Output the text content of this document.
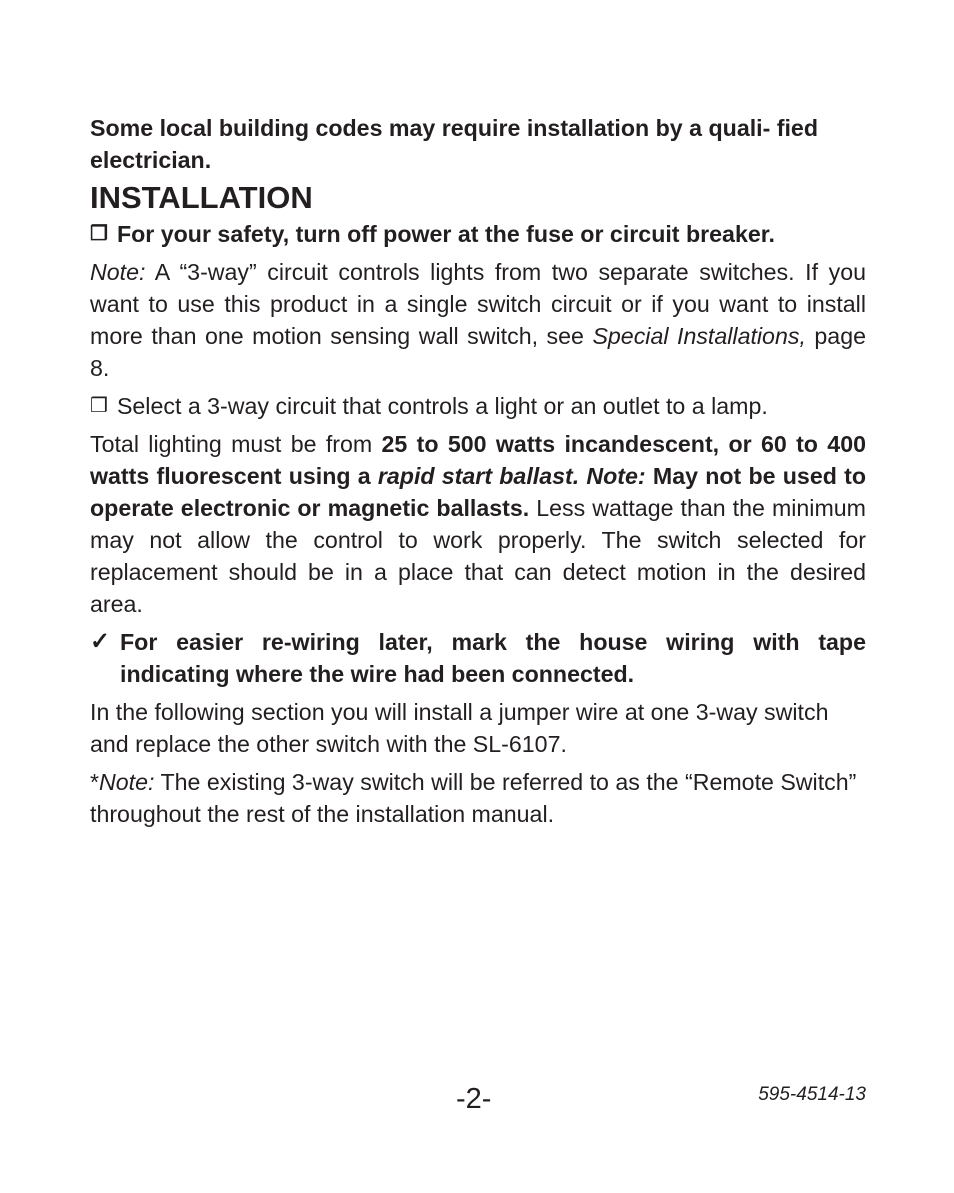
Some local building codes may require installation by a quali- fied electrician.

INSTALLATION
❒ For your safety, turn off power at the fuse or circuit breaker.

Note: A “3-way” circuit controls lights from two separate switches. If you want to use this product in a single switch circuit or if you want to install more than one motion sensing wall switch, see Special Installations, page 8.

❒ Select a 3-way circuit that controls a light or an outlet to a lamp.

Total lighting must be from 25 to 500 watts incandescent, or 60 to 400 watts fluorescent using a rapid start ballast. Note: May not be used to operate electronic or magnetic ballasts. Less wattage than the minimum may not allow the control to work properly. The switch selected for replacement should be in a place that can detect motion in the desired area.

✓ For easier re-wiring later, mark the house wiring with tape indicating where the wire had been connected.

In the following section you will install a jumper wire at one 3-way switch and replace the other switch with the SL-6107.

*Note: The existing 3-way switch will be referred to as the “Remote Switch” throughout the rest of the installation manual.

-2-	595-4514-13
